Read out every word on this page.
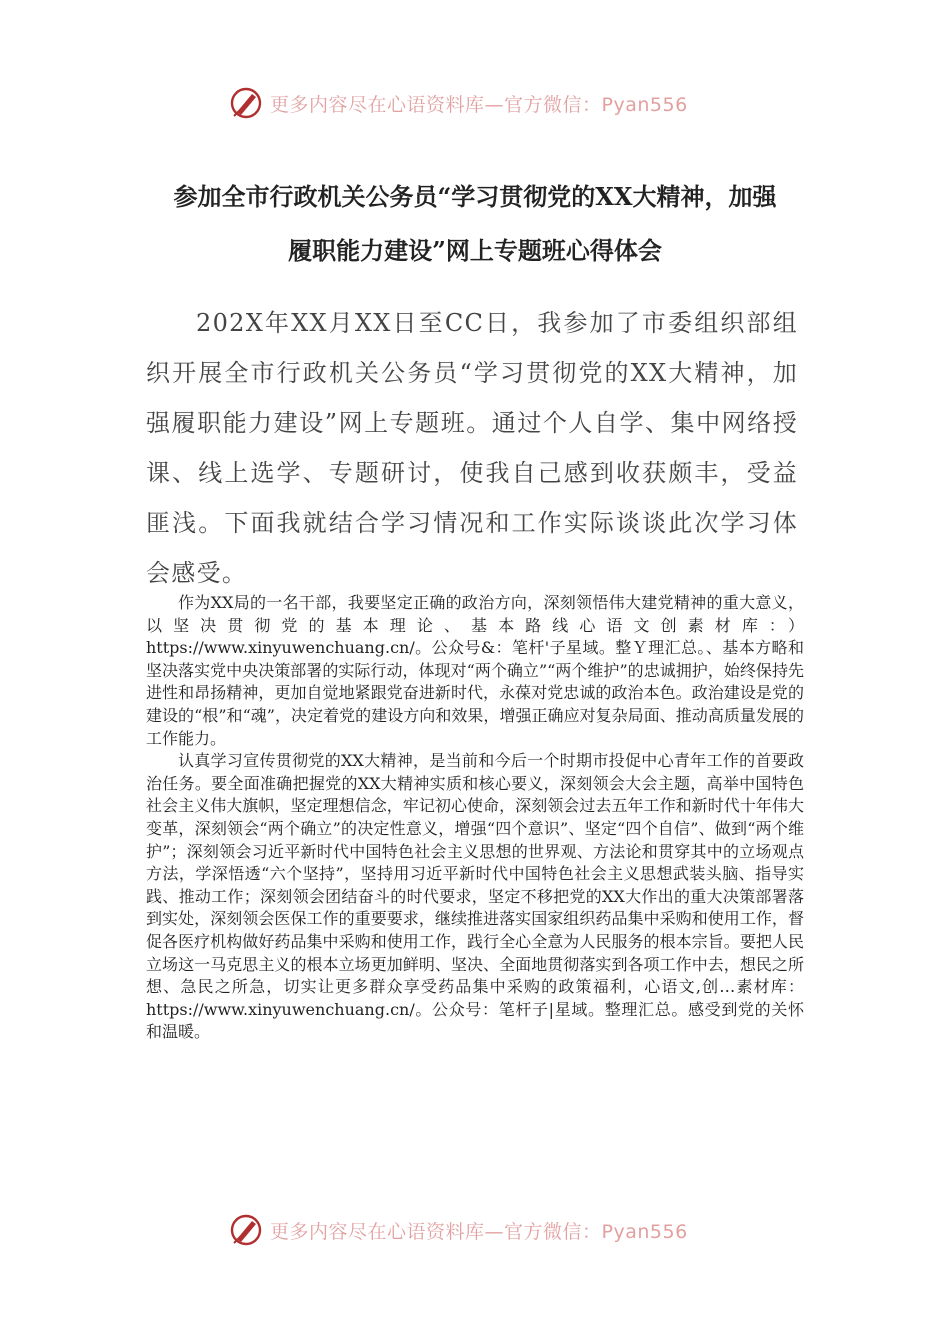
更多内容尽在心语资料库—官方微信：Pyan556
参加全市行政机关公务员“学习贯彻党的XX大精神，加强
履职能力建设”网上专题班心得体会

202X年XX月XX日至CC日，我参加了市委组织部组织开展全市行政机关公务员“学习贯彻党的XX大精神，加强履职能力建设”网上专题班。通过个人自学、集中网络授课、线上选学、专题研讨，使我自己感到收获颇丰，受益匪浅。下面我就结合学习情况和工作实际谈谈此次学习体会感受。

作为XX局的一名干部，我要坚定正确的政治方向，深刻领悟伟大建党精神的重大意义，以坚决贯彻党的基本理论、基本路线心语文创素材库：）https://www.xinyuwenchuang.cn/。公众号&：笔杆'子星域。整Ｙ理汇总。、基本方略和坚决落实党中央决策部署的实际行动，体现对“两个确立”“两个维护”的忠诚拥护，始终保持先进性和昂扬精神，更加自觉地紧跟党奋进新时代，永葆对党忠诚的政治本色。政治建设是党的建设的“根”和“魂”，决定着党的建设方向和效果，增强正确应对复杂局面、推动高质量发展的工作能力。

认真学习宣传贯彻党的XX大精神，是当前和今后一个时期市投促中心青年工作的首要政治任务。要全面准确把握党的XX大精神实质和核心要义，深刻领会大会主题，高举中国特色社会主义伟大旗帜，坚定理想信念，牢记初心使命，深刻领会过去五年工作和新时代十年伟大变革，深刻领会“两个确立”的决定性意义，增强“四个意识”、坚定“四个自信”、做到“两个维护”；深刻领会习近平新时代中国特色社会主义思想的世界观、方法论和贯穿其中的立场观点方法，学深悟透“六个坚持”，坚持用习近平新时代中国特色社会主义思想武装头脑、指导实践、推动工作；深刻领会团结奋斗的时代要求，坚定不移把党的XX大作出的重大决策部署落到实处，深刻领会医保工作的重要要求，继续推进落实国家组织药品集中采购和使用工作，督促各医疗机构做好药品集中采购和使用工作，践行全心全意为人民服务的根本宗旨。要把人民立场这一马克思主义的根本立场更加鲜明、坚决、全面地贯彻落实到各项工作中去，想民之所想、急民之所急，切实让更多群众享受药品集中采购的政策福利，心语文,创…素材库：https://www.xinyuwenchuang.cn/。公众号：笔杆子|星域。整理汇总。感受到党的关怀和温暖。

更多内容尽在心语资料库—官方微信：Pyan556
